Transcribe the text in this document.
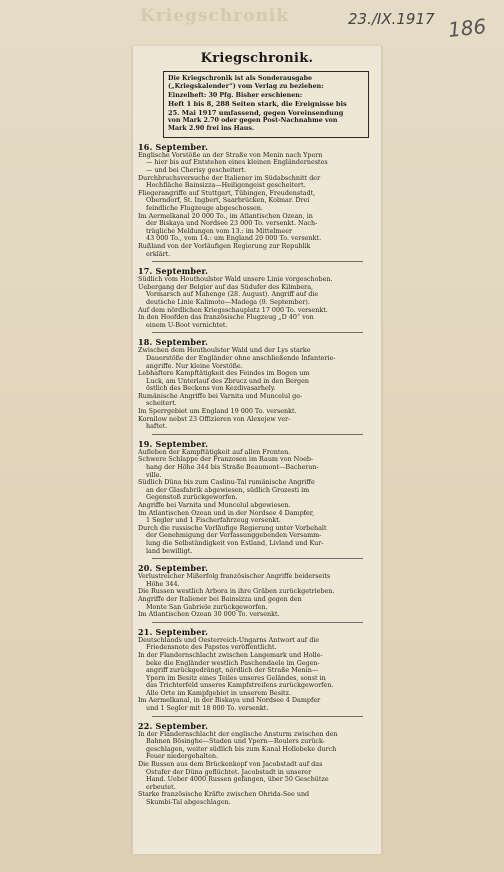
Kriegschronik	23./IX.1917 186
Kriegschronik.

Die Kriegschronik ist als Sonderausgabe

(„Kriegskalender“) vom Verlag zu beziehen:

Einzelheft: 30 Pfg. Bisher erschienen:

Heft 1 bis 8, 288 Seiten stark, die Ereignisse bis

25. Mai 1917 umfassend, gegen Voreinsendung

von Mark 2.70 oder gegen Post-Nachnahme von

Mark 2.90 frei ins Haus.

16. September.

Englische Vorstöße an der Straße von Menin nach Ypern

— hier bis auf Entstehen eines kleinen Engländernestes

— und bei Cherisy gescheitert.

Durchbruchsversuche der Italiener im Südabschnitt der

Hochfläche Bainsizza—Heiligengeist gescheitert.

Fliegerangriffe auf Stuttgart, Tübingen, Freudenstadt,

Oberndorf, St. Ingbert, Saarbrücken, Kolmar. Drei

feindliche Flugzeuge abgeschossen.

Im Aermelkanal 20 000 To., im Atlantischen Ozean, in

der Biskaya und Nordsee 23 000 To. versenkt. Nach-

trägliche Meldungen vom 13.: im Mittelmeer

43 000 To., vom 14.: um England 20 000 To. versenkt.

Rußland von der Vorläufigen Regierung zur Republik

erklärt.

17. September.

Südlich vom Houthoulster Wald unsere Linie vorgeschoben.

Uebergang der Belgier auf das Südufer des Kilmbera,

Vormarsch auf Mahenge (28. August). Angriff auf die

deutsche Linie Kalimoto—Madega (9. September).

Auf dem nördlichen Kriegsschauplatz 17 000 To. versenkt.

In den Hoofden das französische Flugzeug „D 40“ von

einem U-Boot vernichtet.

18. September.

Zwischen dem Houthoulster Wald und der Lys starke

Dauerstöße der Engländer ohne anschließende Infanterie-

angriffe. Nur kleine Vorstöße.

Lebhaftere Kampftätigkeit des Feindes im Bogen um

Luck, am Unterlauf des Zbrucz und in den Bergen

östlich des Beckens von Kezdivasarhely.

Rumänische Angriffe bei Varnita und Muncelul ge-

scheitert.

Im Sperrgebiet um England 19 000 To. versenkt.

Kornilow nebst 23 Offizieren von Alexejew ver-

haftet.

19. September.

Aufleben der Kampftätigkeit auf allen Fronten.

Schwere Schlappe der Franzosen im Raum von Noeb-

hang der Höhe 344 bis Straße Beaumont—Bacheran-

ville.

Südlich Düna bis zum Caslinu-Tal rumänische Angriffe

an der Glasfabrik abgewiesen, südlich Grozesti im

Gegenstoß zurückgeworfen.

Angriffe bei Varnita und Muncelul abgewiesen.

Im Atlantischen Ozean und in der Nordsee 4 Dampfer,

1 Segler und 1 Fischerfahrzeug versenkt.

Durch die russische Vorläufige Regierung unter Vorbehalt

der Genehmigung der Verfassunggebenden Versamm-

lung die Selbständigkeit von Estland, Livland und Kur-

land bewilligt.

20. September.

Verlustreicher Mißerfolg französischer Angriffe beiderseits

Höhe 344.

Die Russen westlich Arbora in ihre Gräben zurückgetrieben.

Angriffe der Italiener bei Bainsizza und gegen den

Monte San Gabriele zurückgeworfen.

Im Atlantischen Ozean 30 000 To. versenkt.

21. September.

Deutschlands und Oesterreich-Ungarns Antwort auf die

Friedensnote des Papstes veröffentlicht.

In der Flandernschlacht zwischen Langemark und Holle-

beke die Engländer westlich Paschendaele im Gegen-

angriff zurückgedrängt, nördlich der Straße Menin—

Ypern im Besitz eines Teiles unseres Geländes, sonst in

das Trichterfeld unseres Kampfstreifens zurückgeworfen.

Alle Orte im Kampfgebiet in unserem Besitz.

Im Aermelkanal, in der Biskaya und Nordsee 4 Dampfer

und 1 Segler mit 18 000 To. versenkt.

22. September.

In der Flandernschlacht der englische Ansturm zwischen den

Bahnen Bösinghe—Staden und Ypern—Roulers zurück-

geschlagen, weiter südlich bis zum Kanal Hollebeke durch

Feuer niedergehalten.

Die Russen aus dem Brückenkopf von Jacobstadt auf das

Ostufer der Düna geflüchtet. Jacobstadt in unserer

Hand. Ueber 4000 Russen gefangen, über 50 Geschütze

erbeutet.

Starke französische Kräfte zwischen Ohrida-See und

Skumbi-Tal abgeschlagen.
